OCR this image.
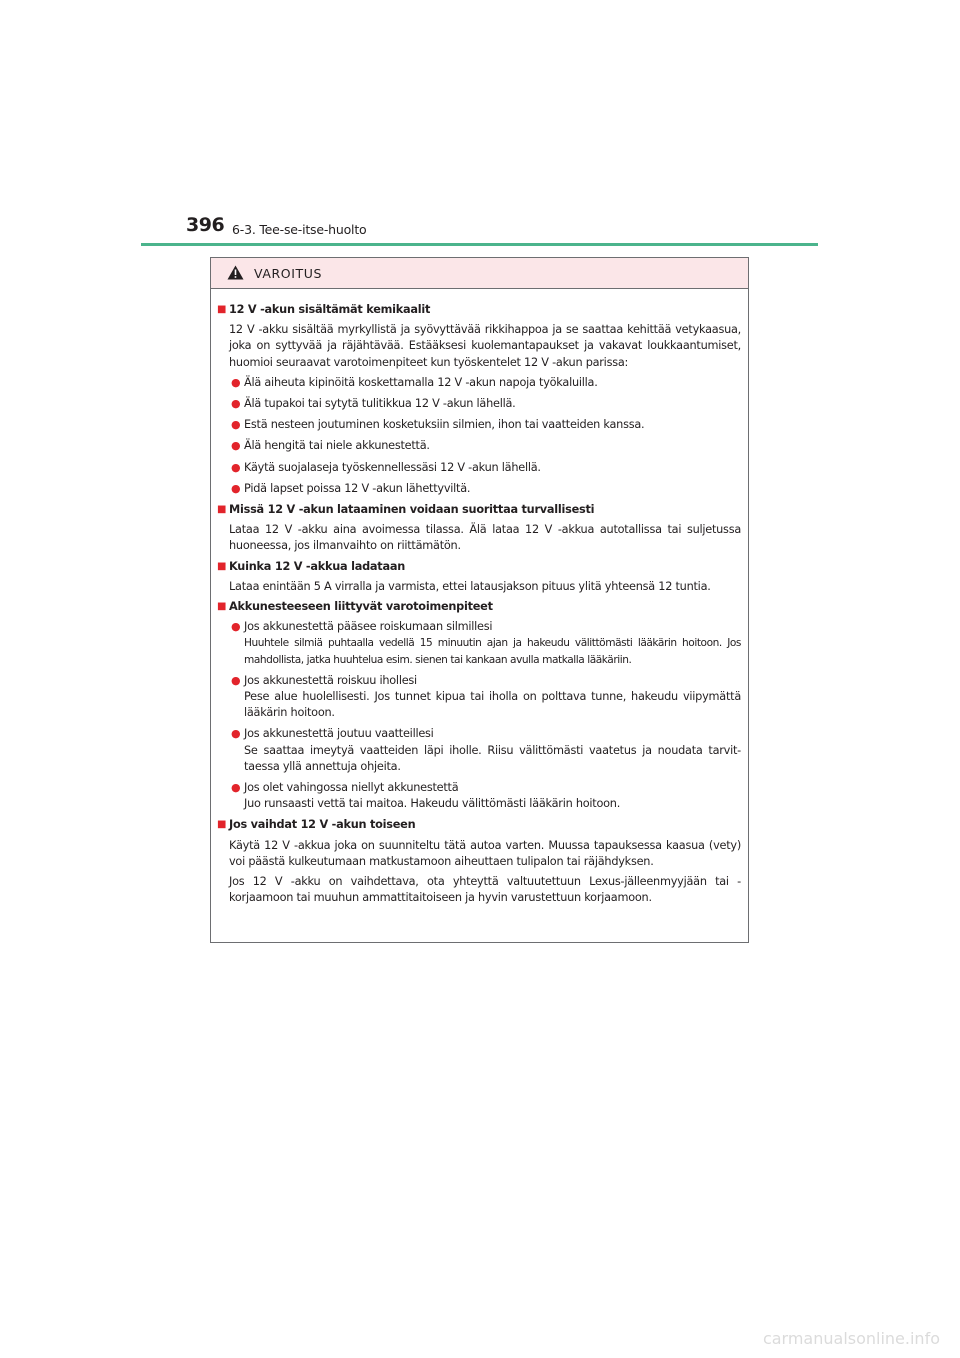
396 6-3. Tee-se-itse-huolto
VAROITUS
■ 12 V -akun sisältämät kemikaalit
12 V -akku sisältää myrkyllistä ja syövyttävää rikkihappoa ja se saattaa kehittää vetykaasua, joka on syttyvää ja räjähtävää. Estääksesi kuolemantapaukset ja vakavat loukkaantumiset, huomioi seuraavat varotoimenpiteet kun työskentelet 12 V -akun parissa:
● Älä aiheuta kipinöitä koskettamalla 12 V -akun napoja työkaluilla.
● Älä tupakoi tai sytytä tulitikkua 12 V -akun lähellä.
● Estä nesteen joutuminen kosketuksiin silmien, ihon tai vaatteiden kanssa.
● Älä hengitä tai niele akkunestettä.
● Käytä suojalaseja työskennellessäsi 12 V -akun lähellä.
● Pidä lapset poissa 12 V -akun lähettyviltä.
■ Missä 12 V -akun lataaminen voidaan suorittaa turvallisesti
Lataa 12 V -akku aina avoimessa tilassa. Älä lataa 12 V -akkua autotallissa tai suljetussa huoneessa, jos ilmanvaihto on riittämätön.
■ Kuinka 12 V -akkua ladataan
Lataa enintään 5 A virralla ja varmista, ettei latausjakson pituus ylitä yhteensä 12 tuntia.
■ Akkunesteeseen liittyvät varotoimenpiteet
● Jos akkunestettä pääsee roiskumaan silmillesi
Huuhtele silmiä puhtaalla vedellä 15 minuutin ajan ja hakeudu välittömästi lääkärin hoitoon. Jos mahdollista, jatka huuhtelua esim. sienen tai kankaan avulla matkalla lääkäriin.
● Jos akkunestettä roiskuu ihollesi
Pese alue huolellisesti. Jos tunnet kipua tai iholla on polttava tunne, hakeudu viipymättä lääkärin hoitoon.
● Jos akkunestettä joutuu vaatteillesi
Se saattaa imeytyä vaatteiden läpi iholle. Riisu välittömästi vaatetus ja noudata tarvit- taessa yllä annettuja ohjeita.
● Jos olet vahingossa niellyt akkunestettä
Juo runsaasti vettä tai maitoa. Hakeudu välittömästi lääkärin hoitoon.
■ Jos vaihdat 12 V -akun toiseen
Käytä 12 V -akkua joka on suunniteltu tätä autoa varten. Muussa tapauksessa kaasua (vety) voi päästä kulkeutumaan matkustamoon aiheuttaen tulipalon tai räjähdyksen.
Jos 12 V -akku on vaihdettava, ota yhteyttä valtuutettuun Lexus-jälleenmyyjään tai -korjaamoon tai muuhun ammattitaitoiseen ja hyvin varustettuun korjaamoon.
carmanualsonline.info
